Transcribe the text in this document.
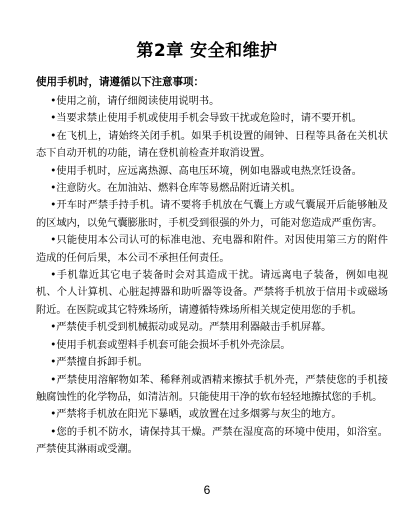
第2章 安全和维护
使用手机时，请遵循以下注意事项：

•使用之前，请仔细阅读使用说明书。

•当要求禁止使用手机或使用手机会导致干扰或危险时，请不要开机。

•在飞机上，请始终关闭手机。如果手机设置的闹钟、日程等具备在关机状态下自动开机的功能，请在登机前检查并取消设置。

•使用手机时，应远离热源、高电压环境，例如电器或电热烹饪设备。

•注意防火。在加油站、燃料仓库等易燃品附近请关机。

•开车时严禁手持手机。请不要将手机放在气囊上方或气囊展开后能够触及的区域内，以免气囊膨胀时，手机受到很强的外力，可能对您造成严重伤害。

•只能使用本公司认可的标准电池、充电器和附件。对因使用第三方的附件造成的任何后果，本公司不承担任何责任。

•手机靠近其它电子装备时会对其造成干扰。请远离电子装备，例如电视机、个人计算机、心脏起搏器和助听器等设备。严禁将手机放于信用卡或磁场附近。在医院或其它特殊场所，请遵循特殊场所相关规定使用您的手机。

•严禁使手机受到机械振动或晃动。严禁用利器敲击手机屏幕。

•使用手机套或塑料手机套可能会损坏手机外壳涂层。

•严禁擅自拆卸手机。

•严禁使用溶解物如苯、稀释剂或酒精来擦拭手机外壳，严禁使您的手机接触腐蚀性的化学物品，如清洁剂。只能使用干净的软布轻轻地擦拭您的手机。

•严禁将手机放在阳光下暴晒，或放置在过多烟雾与灰尘的地方。

•您的手机不防水，请保持其干燥。严禁在湿度高的环境中使用，如浴室。严禁使其淋雨或受潮。

6
